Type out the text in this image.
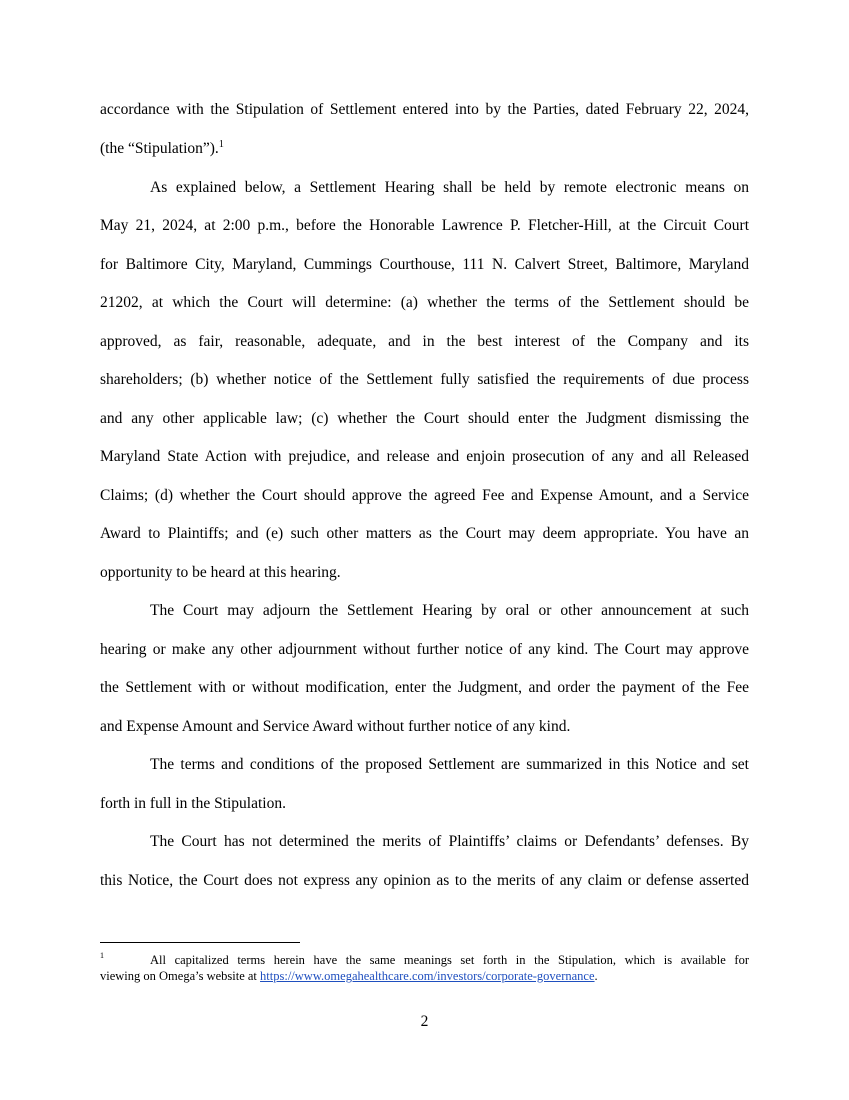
accordance with the Stipulation of Settlement entered into by the Parties, dated February 22, 2024,
(the “Stipulation”).$^1$
As explained below, a Settlement Hearing shall be held by remote electronic means on
May 21, 2024, at 2:00 p.m., before the Honorable Lawrence P. Fletcher-Hill, at the Circuit Court
for Baltimore City, Maryland, Cummings Courthouse, 111 N. Calvert Street, Baltimore, Maryland
21202, at which the Court will determine: (a) whether the terms of the Settlement should be
approved, as fair, reasonable, adequate, and in the best interest of the Company and its
shareholders; (b) whether notice of the Settlement fully satisfied the requirements of due process
and any other applicable law; (c) whether the Court should enter the Judgment dismissing the
Maryland State Action with prejudice, and release and enjoin prosecution of any and all Released
Claims; (d) whether the Court should approve the agreed Fee and Expense Amount, and a Service
Award to Plaintiffs; and (e) such other matters as the Court may deem appropriate. You have an
opportunity to be heard at this hearing.
The Court may adjourn the Settlement Hearing by oral or other announcement at such
hearing or make any other adjournment without further notice of any kind. The Court may approve
the Settlement with or without modification, enter the Judgment, and order the payment of the Fee
and Expense Amount and Service Award without further notice of any kind.
The terms and conditions of the proposed Settlement are summarized in this Notice and set
forth in full in the Stipulation.
The Court has not determined the merits of Plaintiffs’ claims or Defendants’ defenses. By
this Notice, the Court does not express any opinion as to the merits of any claim or defense asserted
1	All capitalized terms herein have the same meanings set forth in the Stipulation, which is available for
viewing on Omega’s website at https://www.omegahealthcare.com/investors/corporate-governance.
2
